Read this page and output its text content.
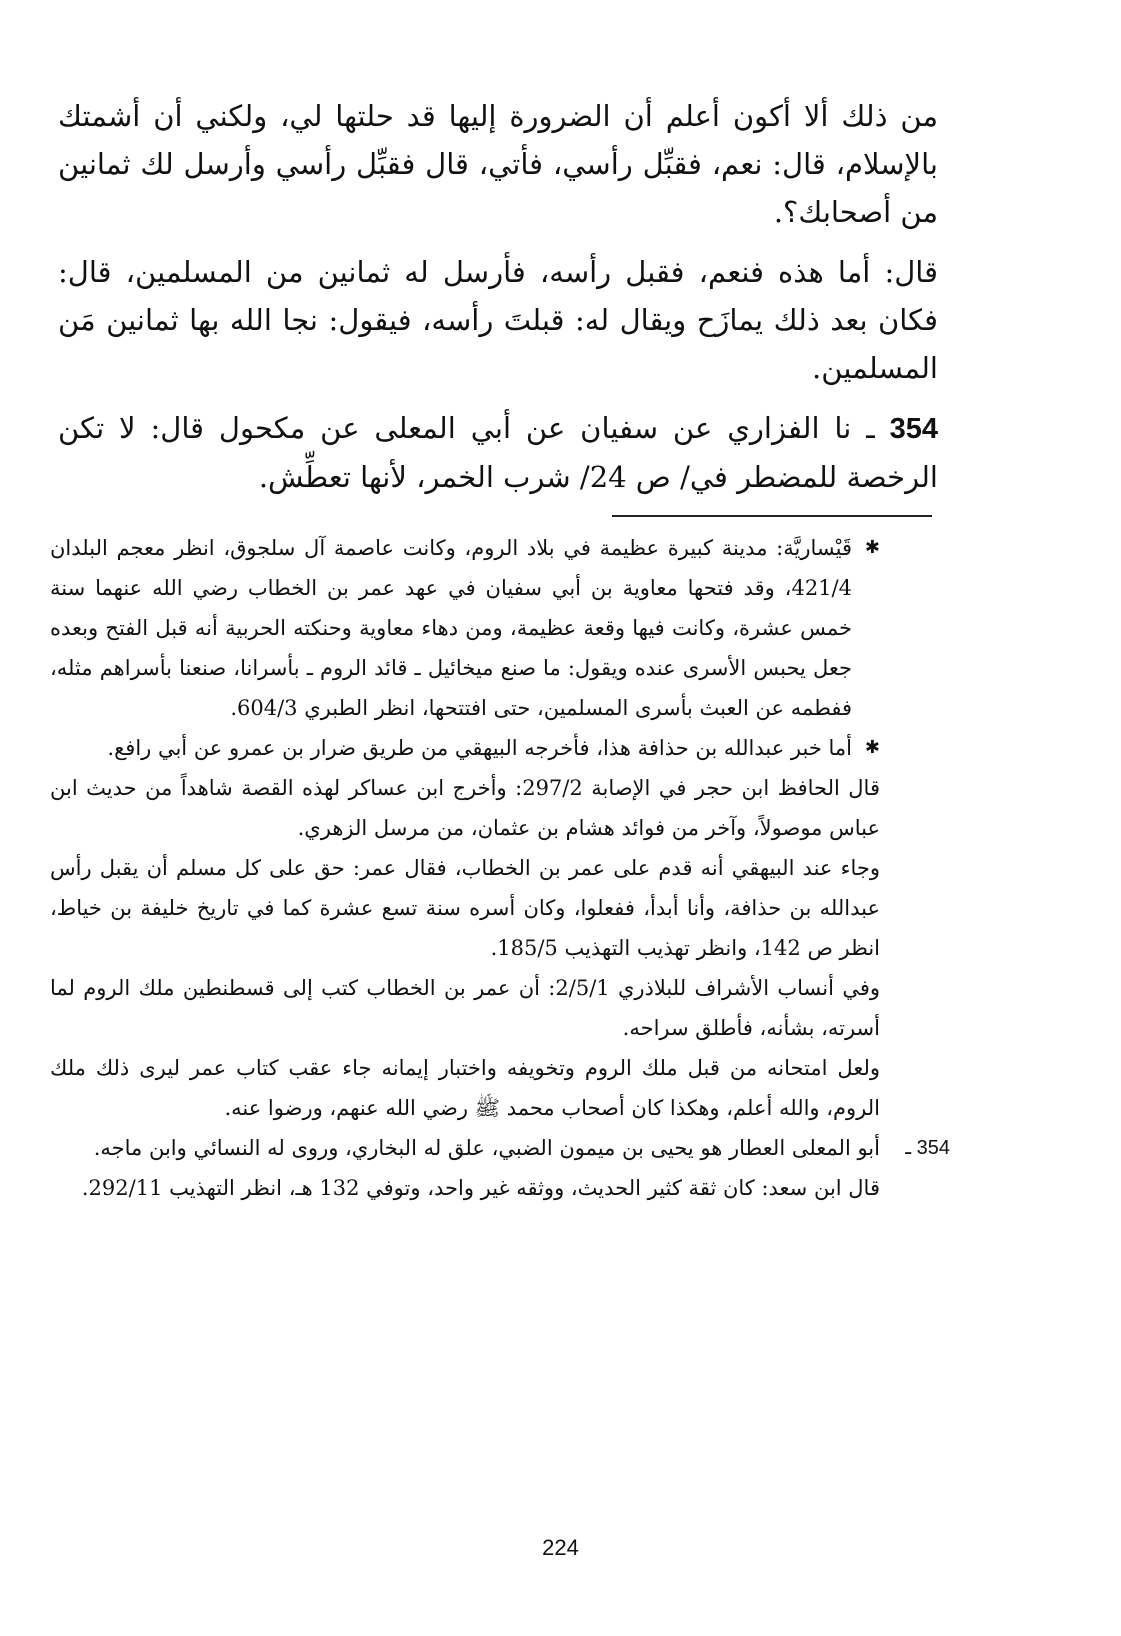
من ذلك ألا أكون أعلم أن الضرورة إليها قد حلتها لي، ولكني أن أشمتك بالإسلام، قال: نعم، فقبِّل رأسي، فأتي، قال فقبِّل رأسي وأرسل لك ثمانين من أصحابك؟.

قال: أما هذه فنعم، فقبل رأسه، فأرسل له ثمانين من المسلمين، قال: فكان بعد ذلك يمازَح ويقال له: قبلتَ رأسه، فيقول: نجا الله بها ثمانين مَن المسلمين.

354 ـ نا الفزاري عن سفيان عن أبي المعلى عن مكحول قال: لا تكن الرخصة للمضطر في/ ص 24/ شرب الخمر، لأنها تعطِّش.

✱ قَيْساريَّة: مدينة كبيرة عظيمة في بلاد الروم، وكانت عاصمة آل سلجوق، انظر معجم البلدان 421/4، وقد فتحها معاوية بن أبي سفيان في عهد عمر بن الخطاب رضي الله عنهما سنة خمس عشرة، وكانت فيها وقعة عظيمة، ومن دهاء معاوية وحنكته الحربية أنه قبل الفتح وبعده جعل يحبس الأسرى عنده ويقول: ما صنع ميخائيل ـ قائد الروم ـ بأسرانا، صنعنا بأسراهم مثله، ففطمه عن العبث بأسرى المسلمين، حتى افتتحها، انظر الطبري 604/3.

✱ أما خبر عبدالله بن حذافة هذا، فأخرجه البيهقي من طريق ضرار بن عمرو عن أبي رافع.

قال الحافظ ابن حجر في الإصابة 297/2: وأخرج ابن عساكر لهذه القصة شاهداً من حديث ابن عباس موصولاً، وآخر من فوائد هشام بن عثمان، من مرسل الزهري.

وجاء عند البيهقي أنه قدم على عمر بن الخطاب، فقال عمر: حق على كل مسلم أن يقبل رأس عبدالله بن حذافة، وأنا أبدأ، ففعلوا، وكان أسره سنة تسع عشرة كما في تاريخ خليفة بن خياط، انظر ص 142، وانظر تهذيب التهذيب 185/5.

وفي أنساب الأشراف للبلاذري 2/5/1: أن عمر بن الخطاب كتب إلى قسطنطين ملك الروم لما أسرته، بشأنه، فأطلق سراحه.

ولعل امتحانه من قبل ملك الروم وتخويفه واختبار إيمانه جاء عقب كتاب عمر ليرى ذلك ملك الروم، والله أعلم، وهكذا كان أصحاب محمد ﷺ رضي الله عنهم، ورضوا عنه.

354 ـ
أبو المعلى العطار هو يحيى بن ميمون الضبي، علق له البخاري، وروى له النسائي وابن ماجه.

قال ابن سعد: كان ثقة كثير الحديث، ووثقه غير واحد، وتوفي 132 هـ، انظر التهذيب 292/11.

224
